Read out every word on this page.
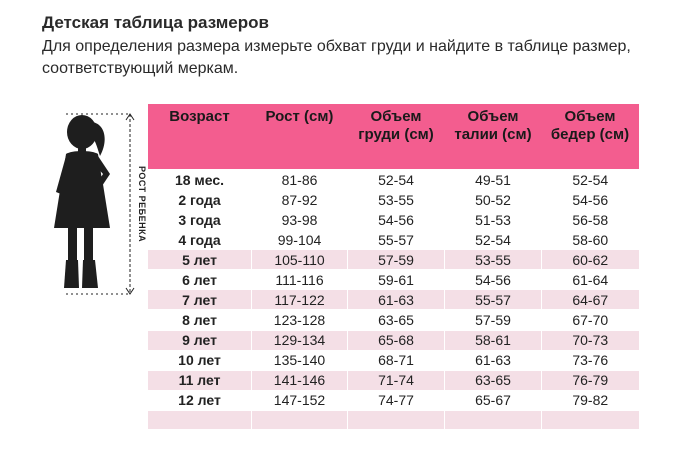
Детская таблица размеров
Для определения размера измерьте обхват груди и найдите в таблице размер, соответствующий меркам.
РОСТ РЕБЕНКА
Возраст	Рост (см)	Объем груди (см)	Объем талии (см)	Объем бедер (см)
18 мес.	81-86	52-54	49-51	52-54
2 года	87-92	53-55	50-52	54-56
3 года	93-98	54-56	51-53	56-58
4 года	99-104	55-57	52-54	58-60
5 лет	105-110	57-59	53-55	60-62
6 лет	111-116	59-61	54-56	61-64
7 лет	117-122	61-63	55-57	64-67
8 лет	123-128	63-65	57-59	67-70
9 лет	129-134	65-68	58-61	70-73
10 лет	135-140	68-71	61-63	73-76
11 лет	141-146	71-74	63-65	76-79
12 лет	147-152	74-77	65-67	79-82
